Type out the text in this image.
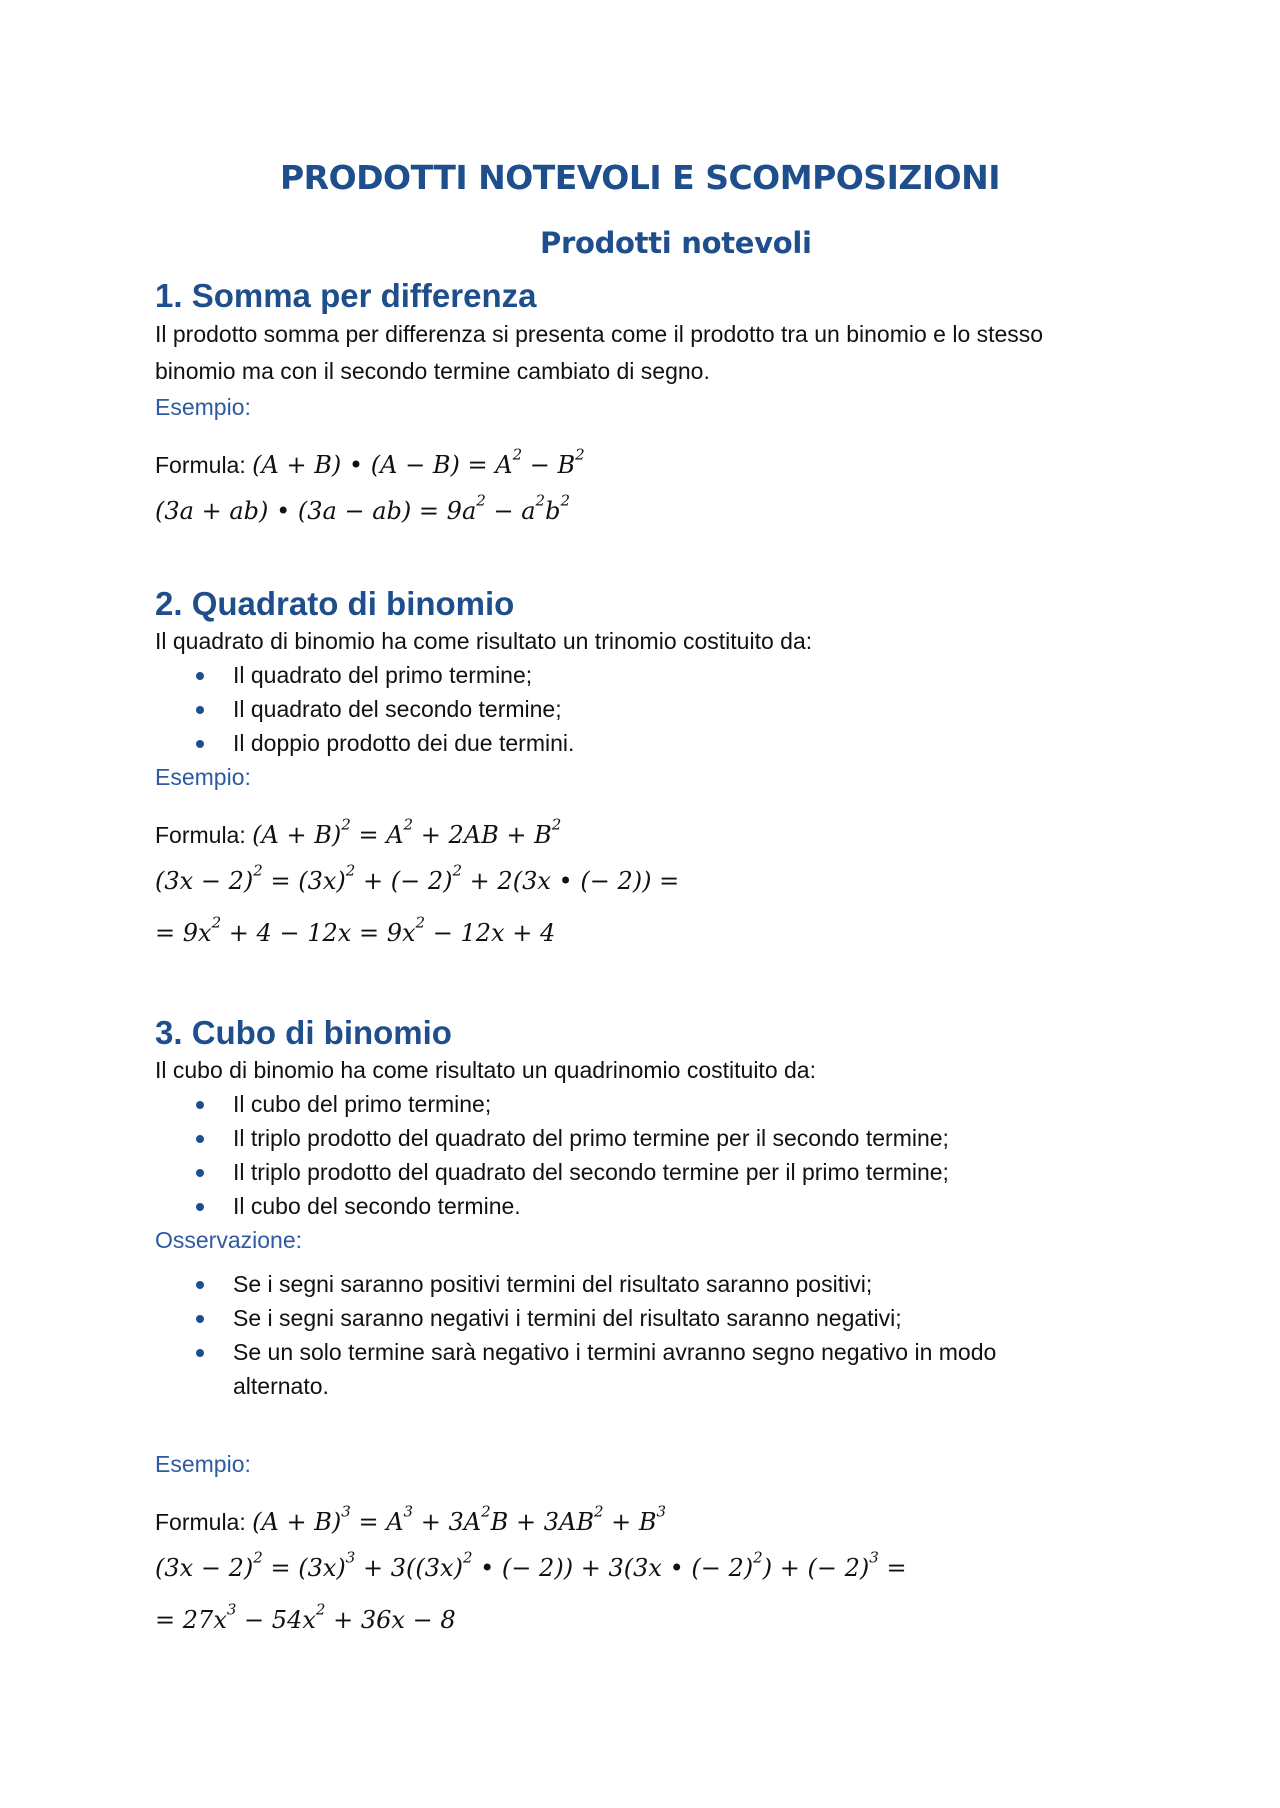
PRODOTTI NOTEVOLI E SCOMPOSIZIONI
Prodotti notevoli
1. Somma per differenza

Il prodotto somma per differenza si presenta come il prodotto tra un binomio e lo stesso binomio ma con il secondo termine cambiato di segno.

Esempio:

Formula: (A + B) • $(A - B) = A^2 - B^2$

(3a + ab) • $(3a - ab) = 9a^2 - a^2b^2$

2. Quadrato di binomio

Il quadrato di binomio ha come risultato un trinomio costituito da:

Il quadrato del primo termine;
Il quadrato del secondo termine;
Il doppio prodotto dei due termini.

Esempio:

Formula: $(A + B)^2 = A^2 + 2AB + B^2$

$(3x - 2)^2 = (3x)^2$ + (− 2)$^2$ + 2(3x • (− 2)) =

= $9x^2 + 4 - 12x = 9x^2 - 12x + 4$

3. Cubo di binomio

Il cubo di binomio ha come risultato un quadrinomio costituito da:

Il cubo del primo termine;
Il triplo prodotto del quadrato del primo termine per il secondo termine;
Il triplo prodotto del quadrato del secondo termine per il primo termine;
Il cubo del secondo termine.

Osservazione:

Se i segni saranno positivi termini del risultato saranno positivi;
Se i segni saranno negativi i termini del risultato saranno negativi;
Se un solo termine sarà negativo i termini avranno segno negativo in modo alternato.

Esempio:

Formula: $(A + B)^3 = A^3 + 3A^2B + 3AB^2 + B^3$

$(3x - 2)^2 = (3x)^3 + 3((3x)^2$ • (− 2)) + 3(3x • (− 2)$^2$) + (− 2)$^3$ =

= $27x^3 - 54x^2 + 36x - 8$
